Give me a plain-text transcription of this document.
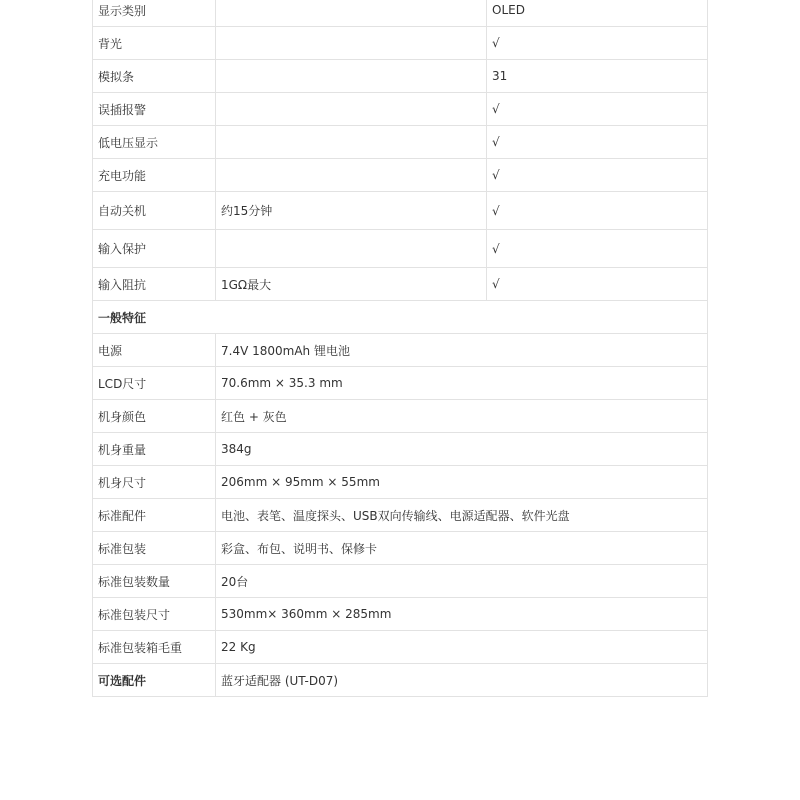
显示类别		OLED
背光		√
模拟条		31
误插报警		√
低电压显示		√
充电功能		√
自动关机	约15分钟	√
输入保护		√
输入阻抗	1GΩ最大	√
一般特征		
电源	7.4V 1800mAh 锂电池	
LCD尺寸	70.6mm × 35.3 mm	
机身颜色	红色 + 灰色	
机身重量	384g	
机身尺寸	206mm × 95mm × 55mm	
标准配件	电池、表笔、温度探头、USB双向传输线、电源适配器、软件光盘	
标准包装	彩盒、布包、说明书、保修卡	
标准包装数量	20台	
标准包装尺寸	530mm× 360mm × 285mm	
标准包装箱毛重	22 Kg	
可选配件	蓝牙适配器 (UT-D07)	
